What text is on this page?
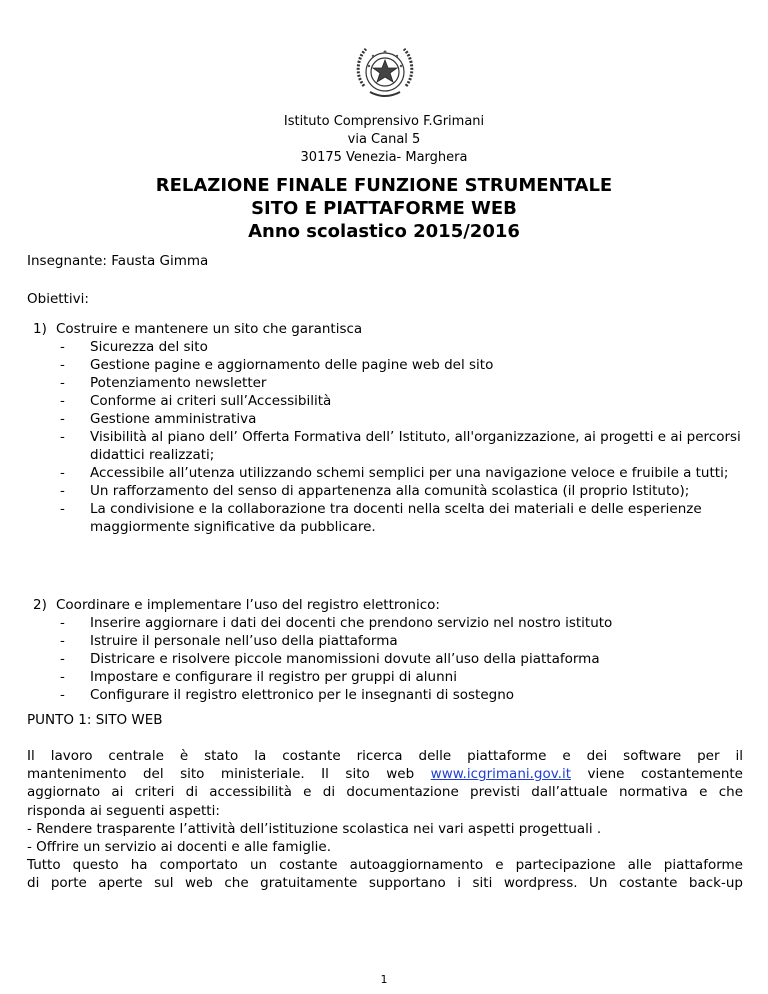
Istituto Comprensivo F.Grimani
via Canal 5
30175 Venezia- Marghera
RELAZIONE FINALE FUNZIONE STRUMENTALE
SITO E PIATTAFORME WEB
Anno scolastico 2015/2016
Insegnante: Fausta Gimma
Obiettivi:
1) Costruire e mantenere un sito che garantisca
- Sicurezza del sito
- Gestione pagine e aggiornamento delle pagine web del sito
- Potenziamento newsletter
- Conforme ai criteri sull’Accessibilità
- Gestione amministrativa
- Visibilità al piano dell’ Offerta Formativa dell’ Istituto, all'organizzazione, ai progetti e ai percorsi didattici realizzati;
- Accessibile all’utenza utilizzando schemi semplici per una navigazione veloce e fruibile a tutti;
- Un rafforzamento del senso di appartenenza alla comunità scolastica (il proprio Istituto);
- La condivisione e la collaborazione tra docenti nella scelta dei materiali e delle esperienze maggiormente significative da pubblicare.
2) Coordinare e implementare l’uso del registro elettronico:
- Inserire aggiornare i dati dei docenti che prendono servizio nel nostro istituto
- Istruire il personale nell’uso della piattaforma
- Districare e risolvere piccole manomissioni dovute all’uso della piattaforma
- Impostare e configurare il registro per gruppi di alunni
- Configurare il registro elettronico per le insegnanti di sostegno
PUNTO 1: SITO WEB
Il lavoro centrale è stato la costante ricerca delle piattaforme e dei software per il
mantenimento del sito ministeriale. Il sito web www.icgrimani.gov.it viene costantemente
aggiornato ai criteri di accessibilità e di documentazione previsti dall’attuale normativa e che
risponda ai seguenti aspetti:
- Rendere trasparente l’attività dell’istituzione scolastica nei vari aspetti progettuali .
- Offrire un servizio ai docenti e alle famiglie.
Tutto questo ha comportato un costante autoaggiornamento e partecipazione alle piattaforme
di porte aperte sul web che gratuitamente supportano i siti wordpress. Un costante back-up
1
